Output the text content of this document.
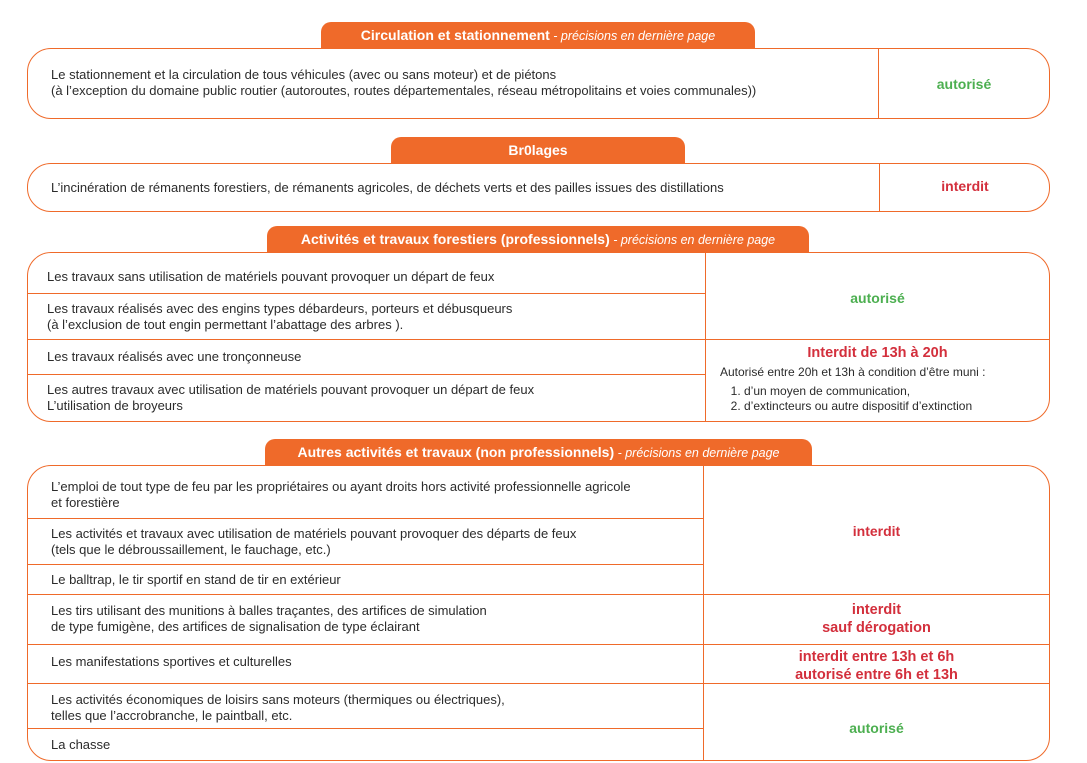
Circulation et stationnement - précisions en dernière page
Le stationnement et la circulation de tous véhicules (avec ou sans moteur) et de piétons
(à l’exception du domaine public routier (autoroutes, routes départementales, réseau métropolitains et voies communales))	autorisé
Br0lages
L’incinération de rémanents forestiers, de rémanents agricoles, de déchets verts et des pailles issues des distillations	interdit
Activités et travaux forestiers (professionnels) - précisions en dernière page
Les travaux sans utilisation de matériels pouvant provoquer un départ de feux
Les travaux réalisés avec des engins types débardeurs, porteurs et débusqueurs
(à l’exclusion de tout engin permettant l’abattage des arbres ).
Les travaux réalisés avec une tronçonneuse
Les autres travaux avec utilisation de matériels pouvant provoquer un départ de feux
L’utilisation de broyeurs
autorisé
Interdit de 13h à 20h
Autorisé entre 20h et 13h à condition d’être muni :
1. d’un moyen de communication,
2. d’extincteurs ou autre dispositif d’extinction
Autres activités et travaux (non professionnels) - précisions en dernière page
L’emploi de tout type de feu par les propriétaires ou ayant droits hors activité professionnelle agricole
et forestière
Les activités et travaux avec utilisation de matériels pouvant provoquer des départs de feux
(tels que le débroussaillement, le fauchage, etc.)
Le balltrap, le tir sportif en stand de tir en extérieur
Les tirs utilisant des munitions à balles traçantes, des artifices de simulation
de type fumigène, des artifices de signalisation de type éclairant
Les manifestations sportives et culturelles
Les activités économiques de loisirs sans moteurs (thermiques ou électriques),
telles que l’accrobranche, le paintball, etc.
La chasse
interdit
interdit
sauf dérogation
interdit entre 13h et 6h
autorisé entre 6h et 13h
autorisé
